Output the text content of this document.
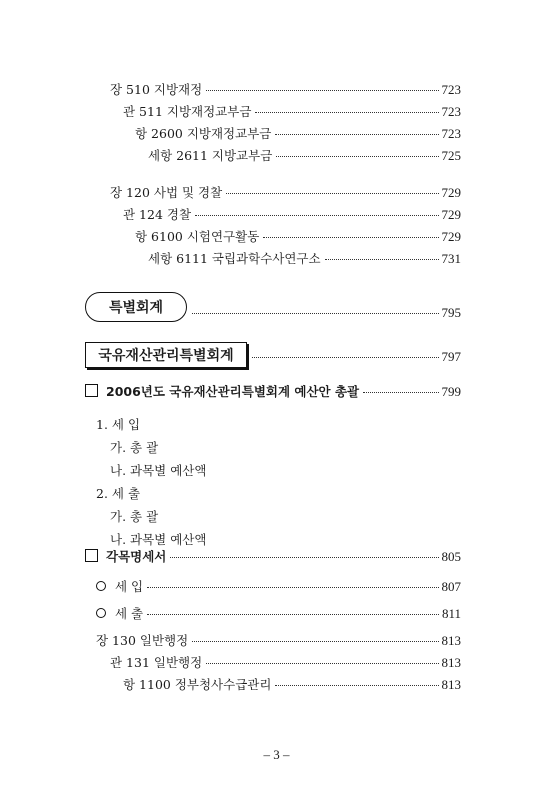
장 510 지방재정	723
관 511 지방재정교부금	723
항 2600 지방재정교부금	723
세항 2611 지방교부금	725
장 120 사법 및 경찰	729
관 124 경찰	729
항 6100 시험연구활동	729
세항 6111 국립과학수사연구소	731
특별회계	795
국유재산관리특별회계	797
2006년도 국유재산관리특별회계 예산안 총괄	799
1. 세 입
가. 총 괄
나. 과목별 예산액
2. 세 출
가. 총 괄
나. 과목별 예산액
각목명세서	805
세 입	807
세 출	811
장 130 일반행정	813
관 131 일반행정	813
항 1100 정부청사수급관리	813
– 3 –
